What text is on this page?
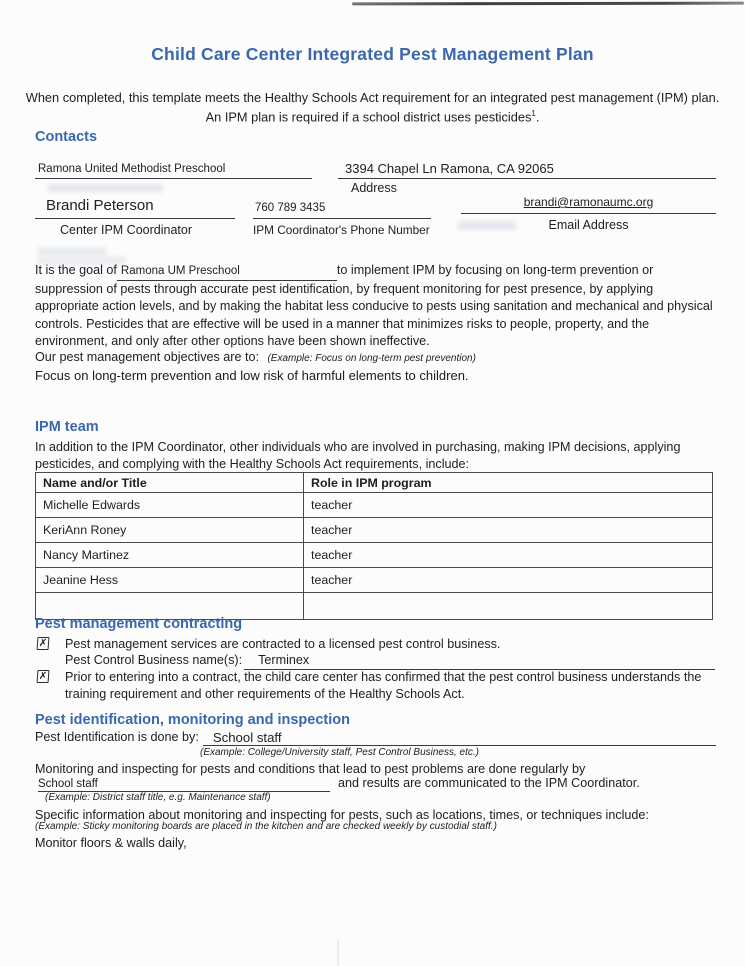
Child Care Center Integrated Pest Management Plan
When completed, this template meets the Healthy Schools Act requirement for an integrated pest management (IPM) plan.
An IPM plan is required if a school district uses pesticides$^1$.
Contacts
Ramona United Methodist Preschool	3394 Chapel Ln Ramona, CA 92065
Address
Brandi Peterson
Center IPM Coordinator
760 789 3435
IPM Coordinator's Phone Number
brandi@ramonaumc.org
Email Address
It is the goal of Ramona UM Preschool	to implement IPM by focusing on long-term prevention or suppression of pests through accurate pest identification, by frequent monitoring for pest presence, by applying appropriate action levels, and by making the habitat less conducive to pests using sanitation and mechanical and physical controls. Pesticides that are effective will be used in a manner that minimizes risks to people, property, and the environment, and only after other options have been shown ineffective.
Our pest management objectives are to: (Example: Focus on long-term pest prevention)
Focus on long-term prevention and low risk of harmful elements to children.
IPM team
In addition to the IPM Coordinator, other individuals who are involved in purchasing, making IPM decisions, applying pesticides, and complying with the Healthy Schools Act requirements, include:
Name and/or Title	Role in IPM program
Michelle Edwards	teacher
KeriAnn Roney	teacher
Nancy Martinez	teacher
Jeanine Hess	teacher

Pest management contracting
✗ Pest management services are contracted to a licensed pest control business.
Pest Control Business name(s):	Terminex
✗ Prior to entering into a contract, the child care center has confirmed that the pest control business understands the training requirement and other requirements of the Healthy Schools Act.
Pest identification, monitoring and inspection
Pest Identification is done by:	School staff
(Example: College/University staff, Pest Control Business, etc.)
Monitoring and inspecting for pests and conditions that lead to pest problems are done regularly by
School staff	and results are communicated to the IPM Coordinator.
(Example: District staff title, e.g. Maintenance staff)
Specific information about monitoring and inspecting for pests, such as locations, times, or techniques include:
(Example: Sticky monitoring boards are placed in the kitchen and are checked weekly by custodial staff.)
Monitor floors & walls daily,
